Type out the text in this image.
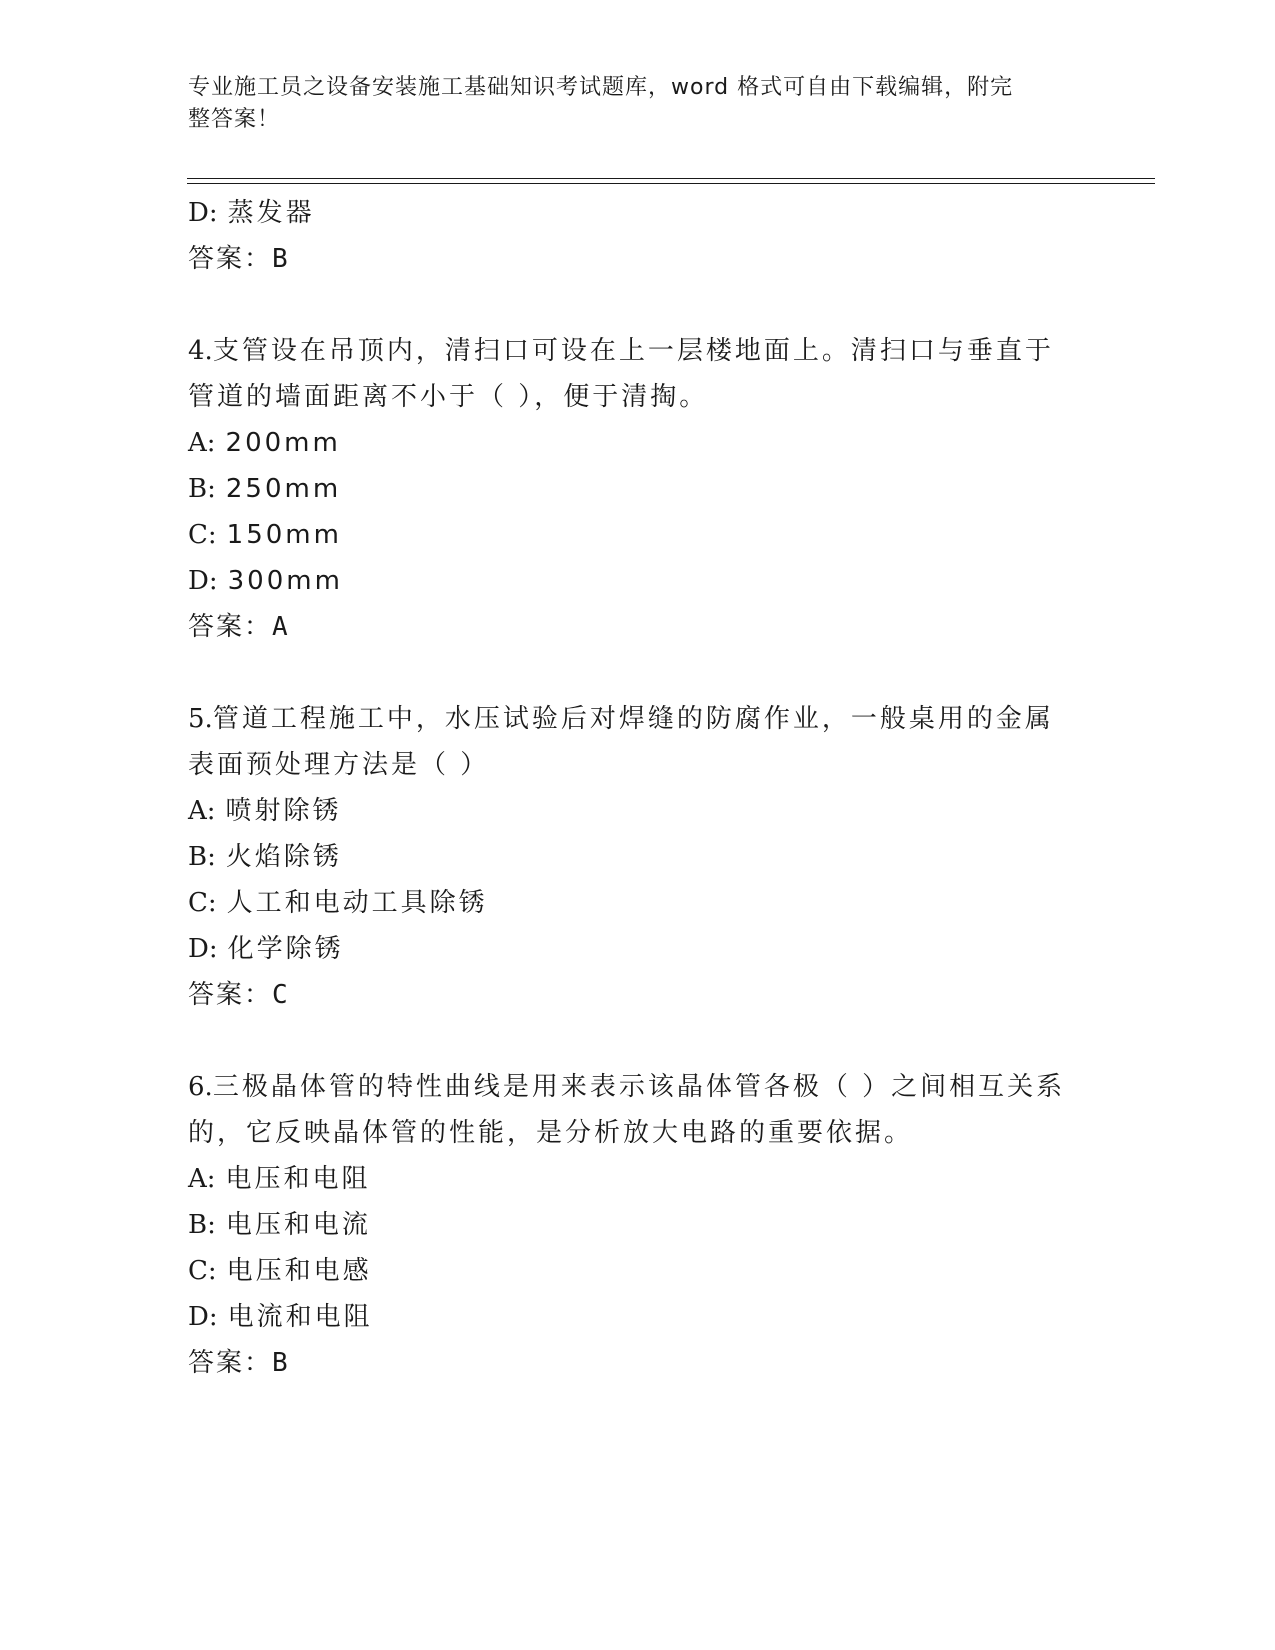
专业施工员之设备安装施工基础知识考试题库，word 格式可自由下载编辑，附完
整答案！
D: 蒸发器
答案：B
4.支管设在吊顶内，清扫口可设在上一层楼地面上。清扫口与垂直于
管道的墙面距离不小于（ ），便于清掏。
A: 200mm
B: 250mm
C: 150mm
D: 300mm
答案：A
5.管道工程施工中，水压试验后对焊缝的防腐作业，一般桌用的金属
表面预处理方法是（ ）
A: 喷射除锈
B: 火焰除锈
C: 人工和电动工具除锈
D: 化学除锈
答案：C
6.三极晶体管的特性曲线是用来表示该晶体管各极（ ）之间相互关系
的，它反映晶体管的性能，是分析放大电路的重要依据。
A: 电压和电阻
B: 电压和电流
C: 电压和电感
D: 电流和电阻
答案：B
